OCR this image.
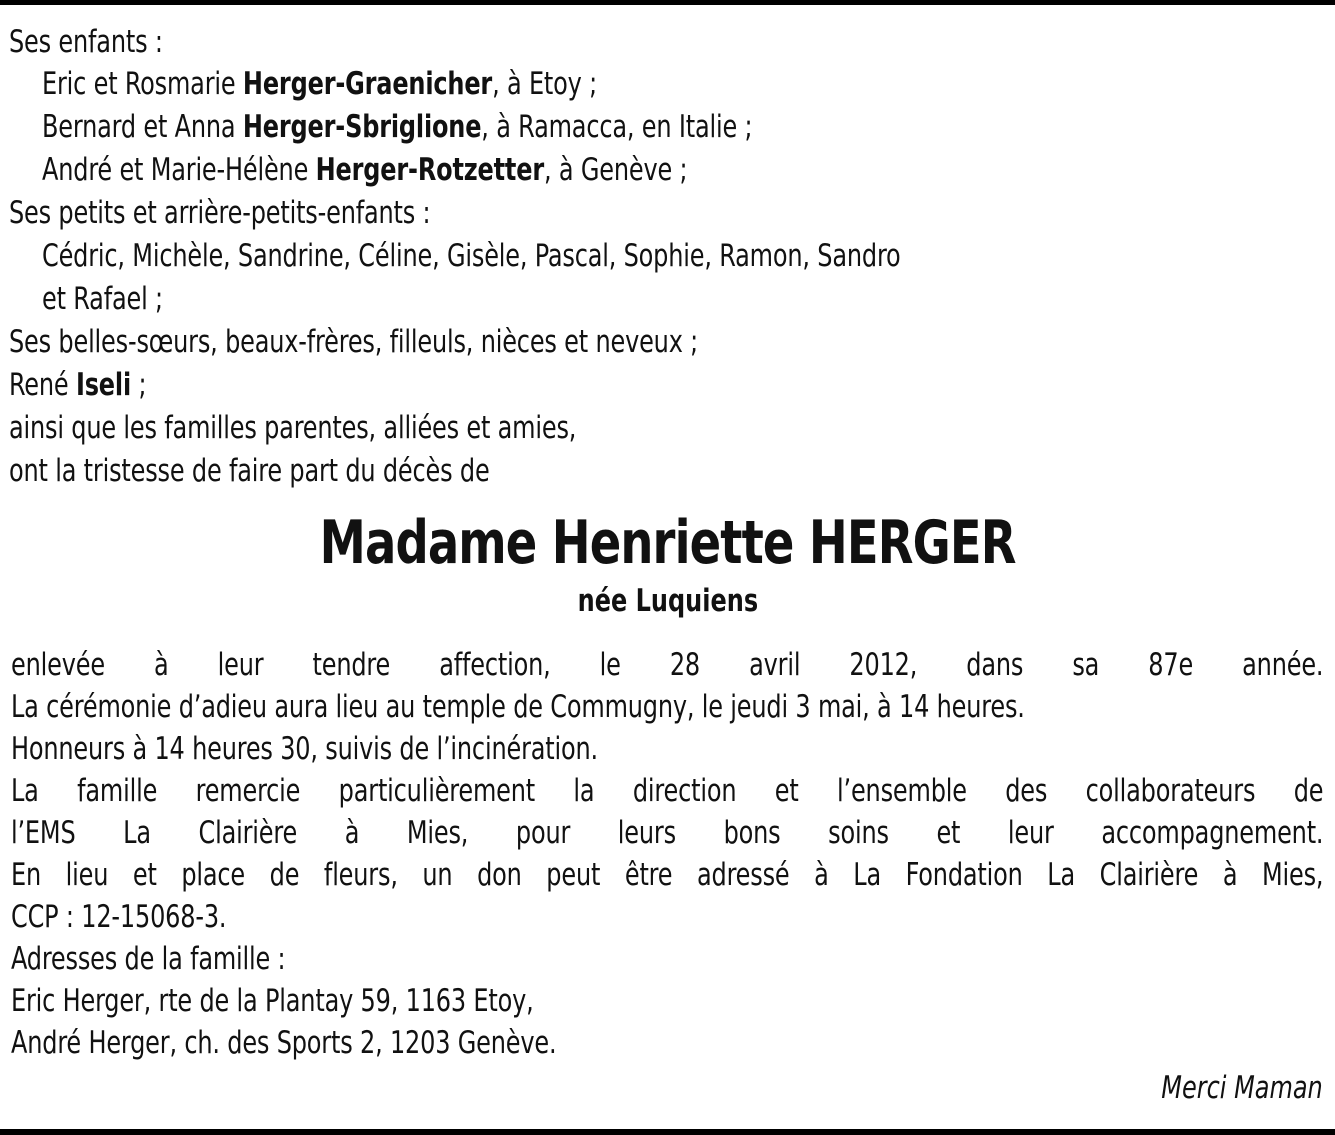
Ses enfants :
Eric et Rosmarie Herger-Graenicher, à Etoy ;
Bernard et Anna Herger-Sbriglione, à Ramacca, en Italie ;
André et Marie-Hélène Herger-Rotzetter, à Genève ;
Ses petits et arrière-petits-enfants :
Cédric, Michèle, Sandrine, Céline, Gisèle, Pascal, Sophie, Ramon, Sandro
et Rafael ;
Ses belles-sœurs, beaux-frères, filleuls, nièces et neveux ;
René Iseli ;
ainsi que les familles parentes, alliées et amies,
ont la tristesse de faire part du décès de
Madame Henriette HERGER
née Luquiens
enlevée à leur tendre affection, le 28 avril 2012, dans sa 87e année.
La cérémonie d’adieu aura lieu au temple de Commugny, le jeudi 3 mai, à 14 heures.
Honneurs à 14 heures 30, suivis de l’incinération.
La famille remercie particulièrement la direction et l’ensemble des collaborateurs de
l’EMS La Clairière à Mies, pour leurs bons soins et leur accompagnement.
En lieu et place de fleurs, un don peut être adressé à La Fondation La Clairière à Mies,
CCP : 12-15068-3.
Adresses de la famille :
Eric Herger, rte de la Plantay 59, 1163 Etoy,
André Herger, ch. des Sports 2, 1203 Genève.
Merci Maman
